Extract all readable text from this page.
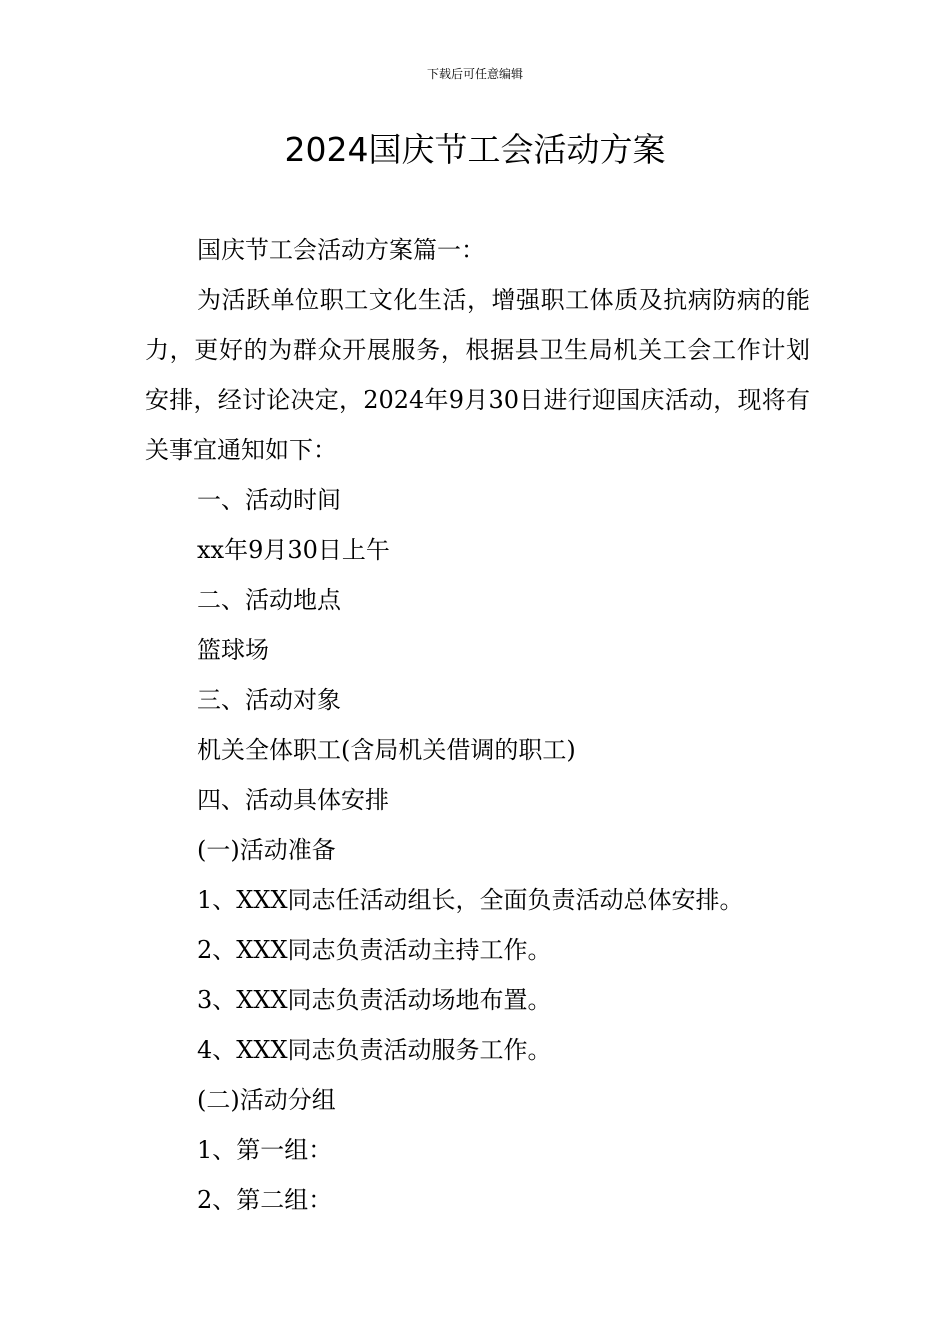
下载后可任意编辑
2024国庆节工会活动方案

国庆节工会活动方案篇一：

为活跃单位职工文化生活，增强职工体质及抗病防病的能力，更好的为群众开展服务，根据县卫生局机关工会工作计划安排，经讨论决定，2024年9月30日进行迎国庆活动，现将有关事宜通知如下：

一、活动时间

xx年9月30日上午

二、活动地点

篮球场

三、活动对象

机关全体职工(含局机关借调的职工)

四、活动具体安排

(一)活动准备

1、XXX同志任活动组长，全面负责活动总体安排。

2、XXX同志负责活动主持工作。

3、XXX同志负责活动场地布置。

4、XXX同志负责活动服务工作。

(二)活动分组

1、第一组：

2、第二组：
